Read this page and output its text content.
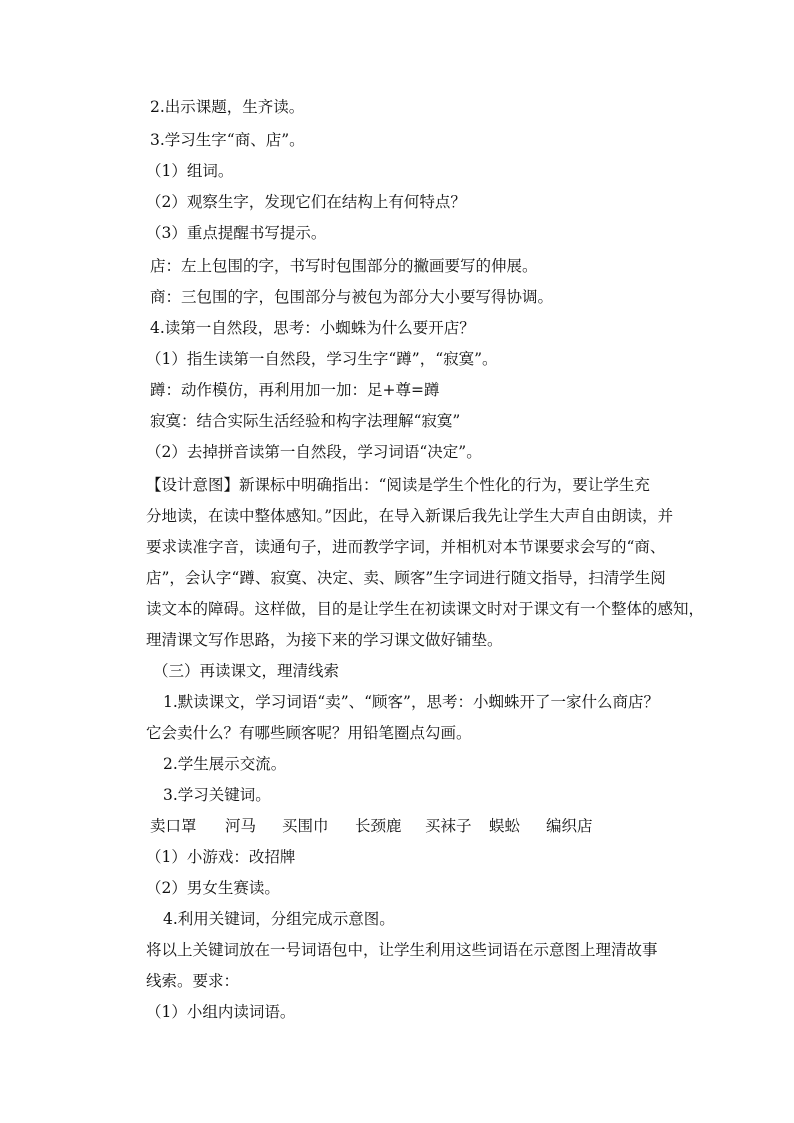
2.出示课题，生齐读。
3.学习生字“商、店”。
（1）组词。
（2）观察生字，发现它们在结构上有何特点？
（3）重点提醒书写提示。
店：左上包围的字，书写时包围部分的撇画要写的伸展。
商：三包围的字，包围部分与被包为部分大小要写得协调。
4.读第一自然段，思考：小蜘蛛为什么要开店？
（1）指生读第一自然段，学习生字“蹲”，“寂寞”。
蹲：动作模仿，再利用加一加：足+尊=蹲
寂寞：结合实际生活经验和构字法理解“寂寞”
（2）去掉拼音读第一自然段，学习词语“决定”。
【设计意图】新课标中明确指出：“阅读是学生个性化的行为，要让学生充
分地读，在读中整体感知。”因此，在导入新课后我先让学生大声自由朗读，并
要求读准字音，读通句子，进而教学字词，并相机对本节课要求会写的“商、
店”，会认字“蹲、寂寞、决定、卖、顾客”生字词进行随文指导，扫清学生阅
读文本的障碍。这样做，目的是让学生在初读课文时对于课文有一个整体的感知，
理清课文写作思路，为接下来的学习课文做好铺垫。
（三）再读课文，理清线索
1.默读课文，学习词语“卖”、“顾客”，思考：小蜘蛛开了一家什么商店？
它会卖什么？有哪些顾客呢？用铅笔圈点勾画。
2.学生展示交流。
3.学习关键词。
卖口罩	河马	买围巾	长颈鹿	买袜子	蜈蚣	编织店
（1）小游戏：改招牌
（2）男女生赛读。
4.利用关键词，分组完成示意图。
将以上关键词放在一号词语包中，让学生利用这些词语在示意图上理清故事
线索。要求：
（1）小组内读词语。
